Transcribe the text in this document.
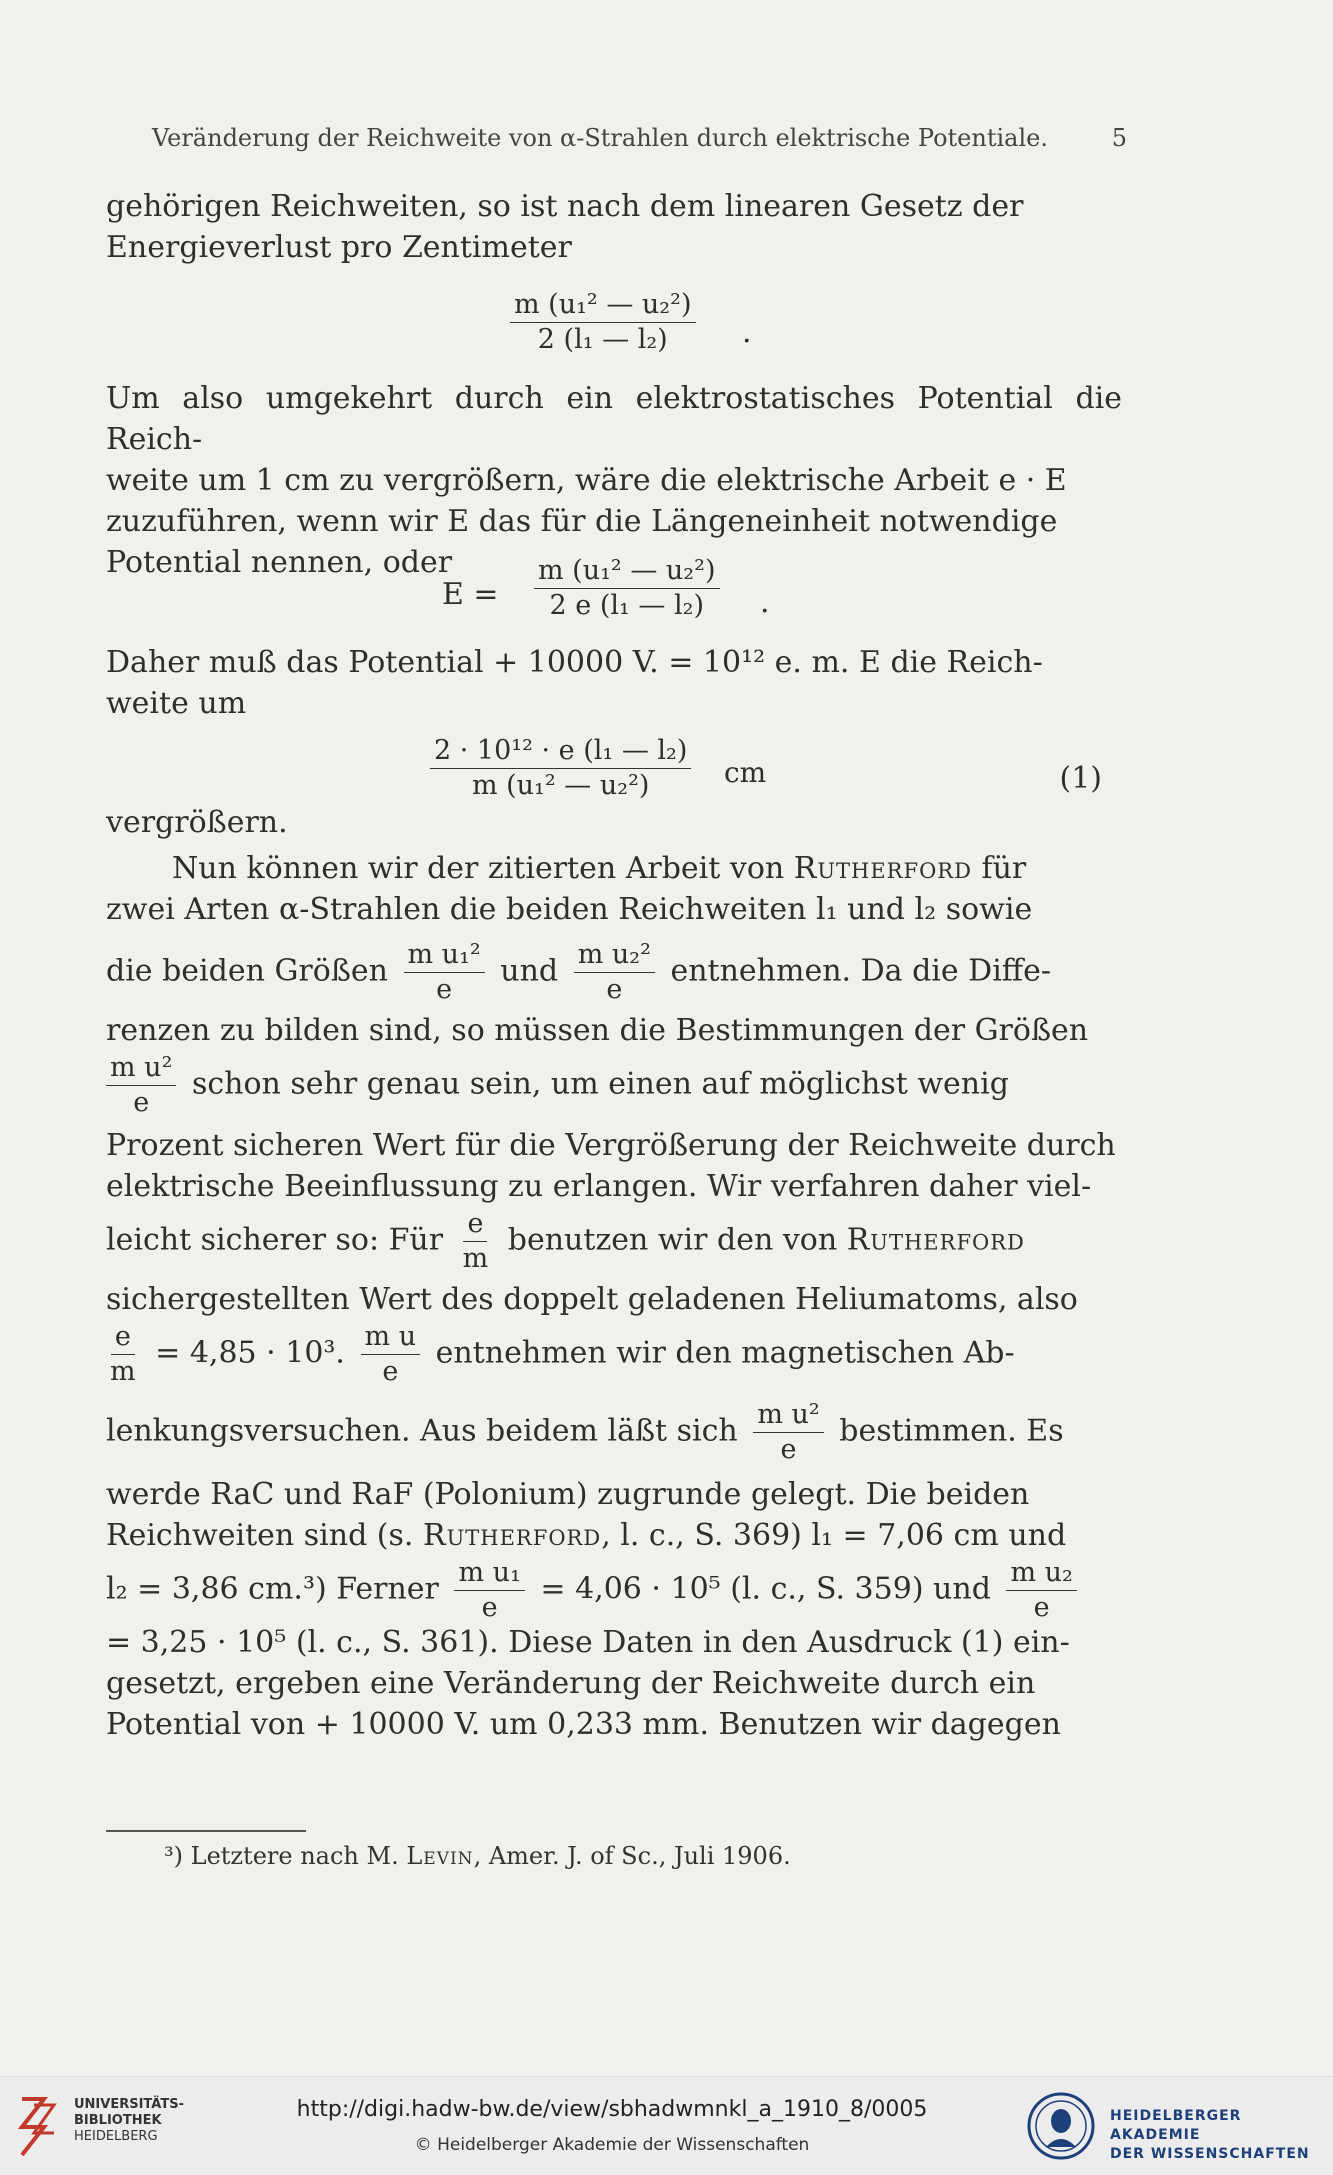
Veränderung der Reichweite von α-Strahlen durch elektrische Potentiale.	5
gehörigen Reichweiten, so ist nach dem linearen Gesetz der
Energieverlust pro Zentimeter
$\frac{\text{m (u₁² — u₂²)}}{\text{2 (l₁ — l₂)}}$ .
Um also umgekehrt durch ein elektrostatisches Potential die Reich-
weite um 1 cm zu vergrößern, wäre die elektrische Arbeit e · E
zuzuführen, wenn wir E das für die Längeneinheit notwendige
Potential nennen, oder
$E = \frac{\text{m (u₁² — u₂²)}}{\text{2 e (l₁ — l₂)}}$ .
Daher muß das Potential + 10000 V. = 10¹² e. m. E die Reich-
weite um
$\frac{\text{2 · 10¹² · e (l₁ — l₂)}}{\text{m (u₁² — u₂²)}}$ cm	(1)
vergrößern.
Nun können wir der zitierten Arbeit von Rutherford für
zwei Arten α-Strahlen die beiden Reichweiten l₁ und l₂ sowie
die beiden Größen $\frac{\text{m u₁²}}{e}$ und $\frac{\text{m u₂²}}{e}$ entnehmen. Da die Diffe-
renzen zu bilden sind, so müssen die Bestimmungen der Größen
$\frac{\text{m u²}}{e}$ schon sehr genau sein, um einen auf möglichst wenig
Prozent sicheren Wert für die Vergrößerung der Reichweite durch
elektrische Beeinflussung zu erlangen. Wir verfahren daher viel-
leicht sicherer so: Für $\frac{e}{m}$ benutzen wir den von Rutherford
sichergestellten Wert des doppelt geladenen Heliumatoms, also
$\frac{e}{m} = 4,85 \cdot 10^3$. $\frac{\text{m u}}{e}$ entnehmen wir den magnetischen Ab-
lenkungsversuchen. Aus beidem läßt sich $\frac{\text{m u²}}{e}$ bestimmen. Es
werde RaC und RaF (Polonium) zugrunde gelegt. Die beiden
Reichweiten sind (s. Rutherford, l. c., S. 369) l₁ = 7,06 cm und
l₂ = 3,86 cm.³) Ferner $\frac{\text{m u₁}}{e} = 4,06 \cdot 10^5$ (l. c., S. 359) und $\frac{\text{m u₂}}{e}$
= 3,25 · 10⁵ (l. c., S. 361). Diese Daten in den Ausdruck (1) ein-
gesetzt, ergeben eine Veränderung der Reichweite durch ein
Potential von + 10000 V. um 0,233 mm. Benutzen wir dagegen
³) Letztere nach M. Levin, Amer. J. of Sc., Juli 1906.
UNIVERSITÄTS-
BIBLIOTHEK
HEIDELBERG
http://digi.hadw-bw.de/view/sbhadwmnkl_a_1910_8/0005
© Heidelberger Akademie der Wissenschaften
HEIDELBERGER AKADEMIE
DER WISSENSCHAFTEN
